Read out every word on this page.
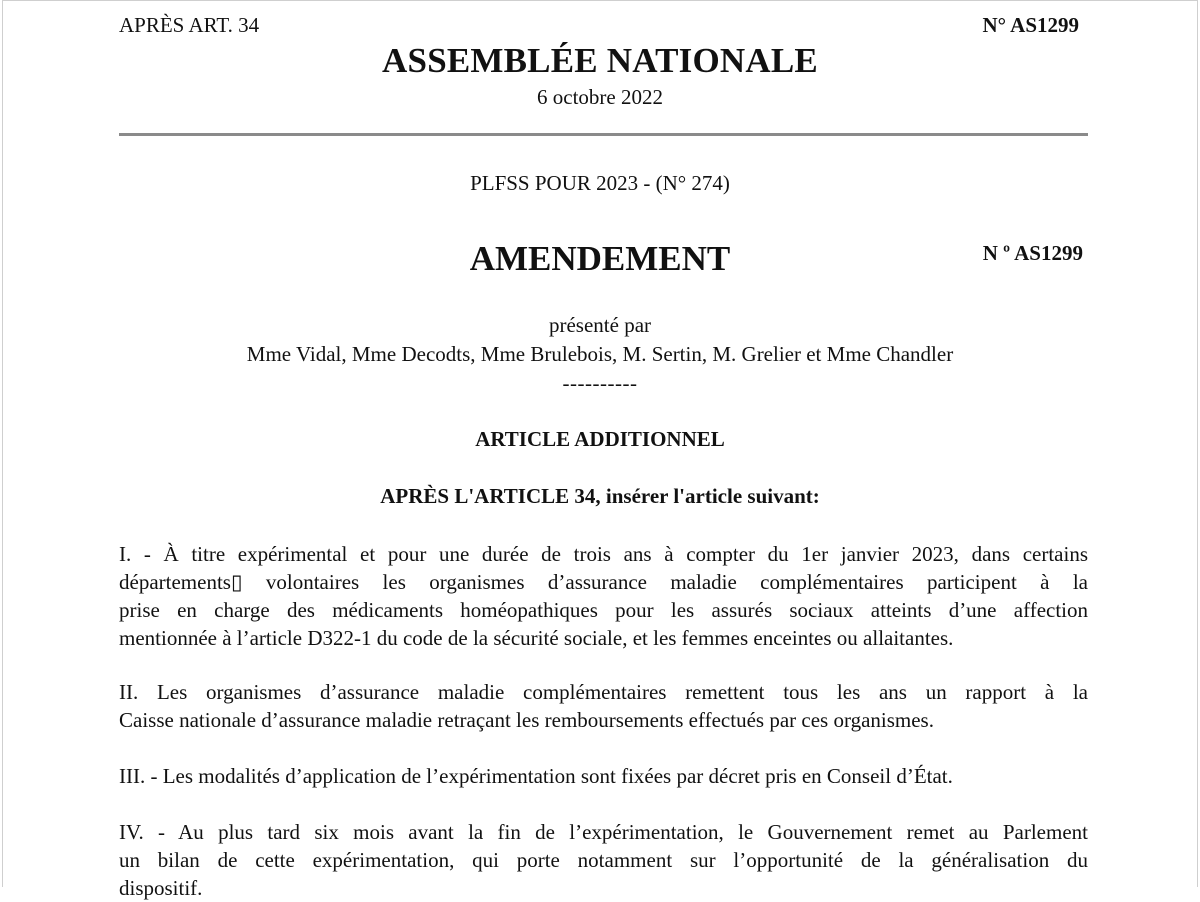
APRÈS ART. 34	N° AS1299
ASSEMBLÉE NATIONALE
6 octobre 2022
PLFSS POUR 2023 - (N° 274)
AMENDEMENT	N º AS1299
présenté par
Mme Vidal, Mme Decodts, Mme Brulebois, M. Sertin, M. Grelier et Mme Chandler
----------
ARTICLE ADDITIONNEL
APRÈS L'ARTICLE 34, insérer l'article suivant:
I. - À titre expérimental et pour une durée de trois ans à compter du 1er janvier 2023, dans certains
départements▯ volontaires les organismes d’assurance maladie complémentaires participent à la
prise en charge des médicaments homéopathiques pour les assurés sociaux atteints d’une affection
mentionnée à l’article D322-1 du code de la sécurité sociale, et les femmes enceintes ou allaitantes.
II. Les organismes d’assurance maladie complémentaires remettent tous les ans un rapport à la
Caisse nationale d’assurance maladie retraçant les remboursements effectués par ces organismes.
III. - Les modalités d’application de l’expérimentation sont fixées par décret pris en Conseil d’État.
IV. - Au plus tard six mois avant la fin de l’expérimentation, le Gouvernement remet au Parlement
un bilan de cette expérimentation, qui porte notamment sur l’opportunité de la généralisation du
dispositif.
